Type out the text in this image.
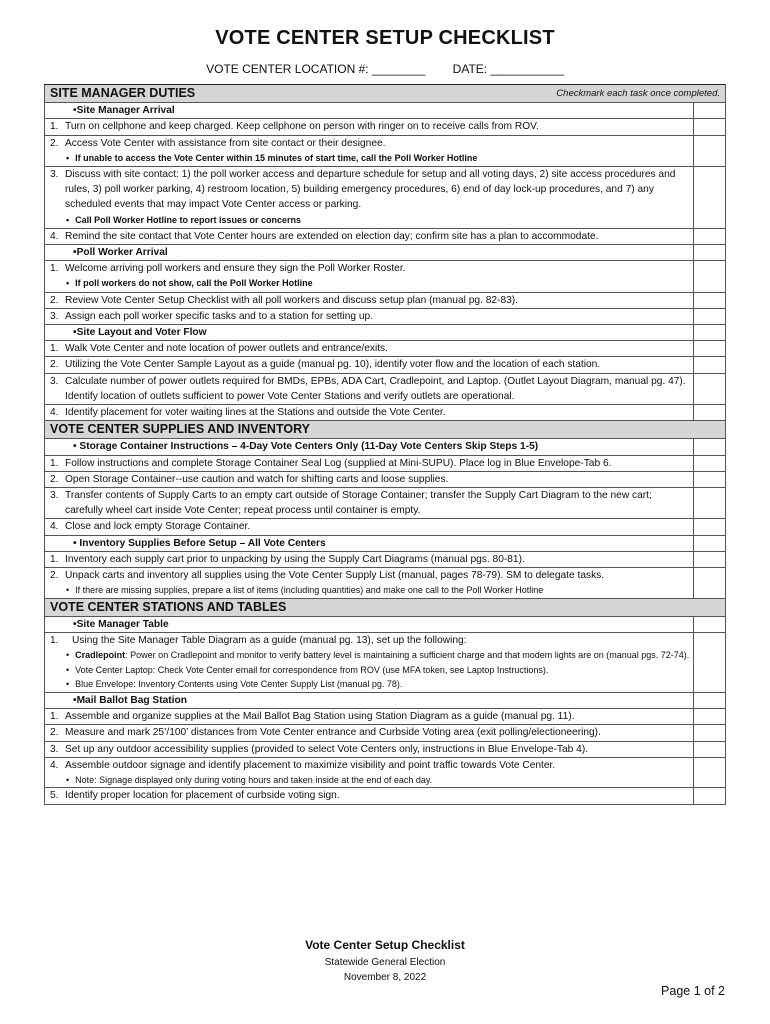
VOTE CENTER SETUP CHECKLIST
VOTE CENTER LOCATION #: ________ DATE: ___________
Checkmark each task once completed.
SITE MANAGER DUTIES	
•Site Manager Arrival	

1. Turn on cellphone and keep charged. Keep cellphone on person with ringer on to receive calls from ROV.	

2. Access Vote Center with assistance from site contact or their designee.
• If unable to access the Vote Center within 15 minutes of start time, call the Poll Worker Hotline	

3. Discuss with site contact: 1) the poll worker access and departure schedule for setup and all voting days, 2) site access procedures and rules, 3) poll worker parking, 4) restroom location, 5) building emergency procedures, 6) end of day lock-up procedures, and 7) any scheduled events that may impact Vote Center access or parking.
• Call Poll Worker Hotline to report issues or concerns	

4. Remind the site contact that Vote Center hours are extended on election day; confirm site has a plan to accommodate.	

•Poll Worker Arrival	

1. Welcome arriving poll workers and ensure they sign the Poll Worker Roster.
• If poll workers do not show, call the Poll Worker Hotline	

2. Review Vote Center Setup Checklist with all poll workers and discuss setup plan (manual pg. 82-83).	

3. Assign each poll worker specific tasks and to a station for setting up.	

•Site Layout and Voter Flow	

1. Walk Vote Center and note location of power outlets and entrance/exits.	

2. Utilizing the Vote Center Sample Layout as a guide (manual pg. 10), identify voter flow and the location of each station.	

3. Calculate number of power outlets required for BMDs, EPBs, ADA Cart, Cradlepoint, and Laptop. (Outlet Layout Diagram, manual pg. 47). Identify location of outlets sufficient to power Vote Center Stations and verify outlets are operational.	

4. Identify placement for voter waiting lines at the Stations and outside the Vote Center.	

VOTE CENTER SUPPLIES AND INVENTORY	
• Storage Container Instructions – 4-Day Vote Centers Only (11-Day Vote Centers Skip Steps 1-5)	

1. Follow instructions and complete Storage Container Seal Log (supplied at Mini-SUPU). Place log in Blue Envelope-Tab 6.	

2. Open Storage Container--use caution and watch for shifting carts and loose supplies.	

3. Transfer contents of Supply Carts to an empty cart outside of Storage Container; transfer the Supply Cart Diagram to the new cart; carefully wheel cart inside Vote Center; repeat process until container is empty.	

4. Close and lock empty Storage Container.	

• Inventory Supplies Before Setup – All Vote Centers	

1. Inventory each supply cart prior to unpacking by using the Supply Cart Diagrams (manual pgs. 80-81).	

2. Unpack carts and inventory all supplies using the Vote Center Supply List (manual, pages 78-79). SM to delegate tasks.
• If there are missing supplies, prepare a list of items (including quantities) and make one call to the Poll Worker Hotline	

VOTE CENTER STATIONS AND TABLES	
•Site Manager Table	

1. Using the Site Manager Table Diagram as a guide (manual pg. 13), set up the following:
• Cradlepoint: Power on Cradlepoint and monitor to verify battery level is maintaining a sufficient charge and that modem lights are on (manual pgs. 72-74).
• Vote Center Laptop: Check Vote Center email for correspondence from ROV (use MFA token, see Laptop Instructions).
• Blue Envelope: Inventory Contents using Vote Center Supply List (manual pg. 78).	

•Mail Ballot Bag Station	

1. Assemble and organize supplies at the Mail Ballot Bag Station using Station Diagram as a guide (manual pg. 11).	

2. Measure and mark 25’/100’ distances from Vote Center entrance and Curbside Voting area (exit polling/electioneering).	

3. Set up any outdoor accessibility supplies (provided to select Vote Centers only, instructions in Blue Envelope-Tab 4).	

4. Assemble outdoor signage and identify placement to maximize visibility and point traffic towards Vote Center.
• Note: Signage displayed only during voting hours and taken inside at the end of each day.	

5. Identify proper location for placement of curbside voting sign.	

Vote Center Setup Checklist
Statewide General Election
November 8, 2022
Page 1 of 2
